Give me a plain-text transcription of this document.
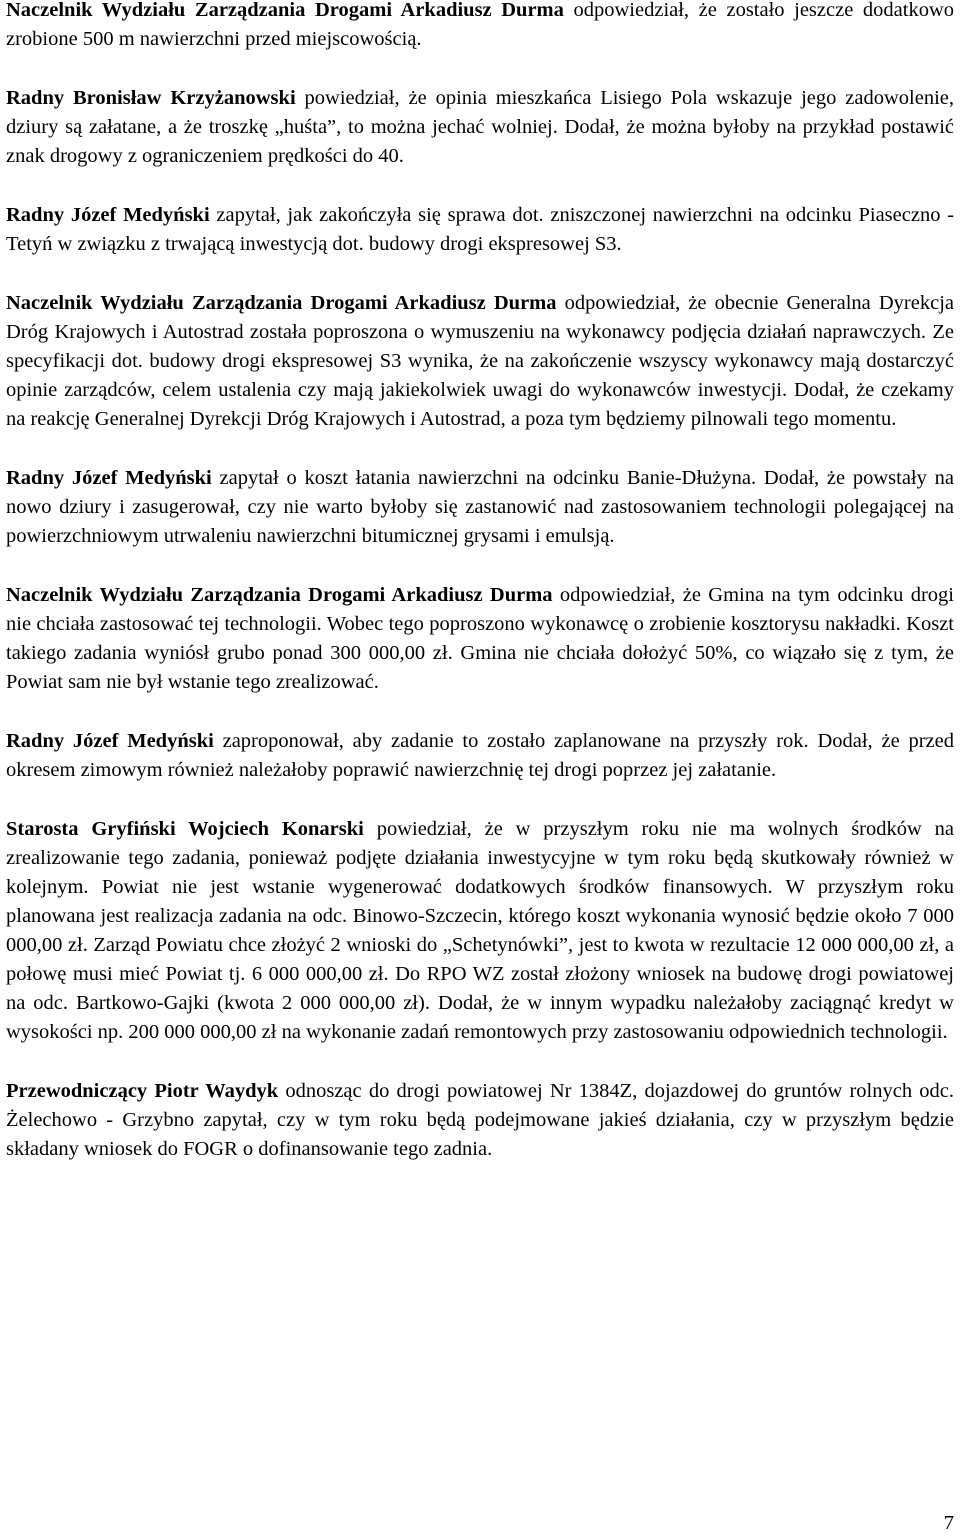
Naczelnik Wydziału Zarządzania Drogami Arkadiusz Durma odpowiedział, że zostało jeszcze dodatkowo zrobione 500 m nawierzchni przed miejscowością.

Radny Bronisław Krzyżanowski powiedział, że opinia mieszkańca Lisiego Pola wskazuje jego zadowolenie, dziury są załatane, a że troszkę „huśta”, to można jechać wolniej. Dodał, że można byłoby na przykład postawić znak drogowy z ograniczeniem prędkości do 40.

Radny Józef Medyński zapytał, jak zakończyła się sprawa dot. zniszczonej nawierzchni na odcinku Piaseczno - Tetyń w związku z trwającą inwestycją dot. budowy drogi ekspresowej S3.

Naczelnik Wydziału Zarządzania Drogami Arkadiusz Durma odpowiedział, że obecnie Generalna Dyrekcja Dróg Krajowych i Autostrad została poproszona o wymuszeniu na wykonawcy podjęcia działań naprawczych. Ze specyfikacji dot. budowy drogi ekspresowej S3 wynika, że na zakończenie wszyscy wykonawcy mają dostarczyć opinie zarządców, celem ustalenia czy mają jakiekolwiek uwagi do wykonawców inwestycji. Dodał, że czekamy na reakcję Generalnej Dyrekcji Dróg Krajowych i Autostrad, a poza tym będziemy pilnowali tego momentu.

Radny Józef Medyński zapytał o koszt łatania nawierzchni na odcinku Banie-Dłużyna. Dodał, że powstały na nowo dziury i zasugerował, czy nie warto byłoby się zastanowić nad zastosowaniem technologii polegającej na powierzchniowym utrwaleniu nawierzchni bitumicznej grysami i emulsją.

Naczelnik Wydziału Zarządzania Drogami Arkadiusz Durma odpowiedział, że Gmina na tym odcinku drogi nie chciała zastosować tej technologii. Wobec tego poproszono wykonawcę o zrobienie kosztorysu nakładki. Koszt takiego zadania wyniósł grubo ponad 300 000,00 zł. Gmina nie chciała dołożyć 50%, co wiązało się z tym, że Powiat sam nie był wstanie tego zrealizować.

Radny Józef Medyński zaproponował, aby zadanie to zostało zaplanowane na przyszły rok. Dodał, że przed okresem zimowym również należałoby poprawić nawierzchnię tej drogi poprzez jej załatanie.

Starosta Gryfiński Wojciech Konarski powiedział, że w przyszłym roku nie ma wolnych środków na zrealizowanie tego zadania, ponieważ podjęte działania inwestycyjne w tym roku będą skutkowały również w kolejnym. Powiat nie jest wstanie wygenerować dodatkowych środków finansowych. W przyszłym roku planowana jest realizacja zadania na odc. Binowo-Szczecin, którego koszt wykonania wynosić będzie około 7 000 000,00 zł. Zarząd Powiatu chce złożyć 2 wnioski do „Schetynówki”, jest to kwota w rezultacie 12 000 000,00 zł, a połowę musi mieć Powiat tj. 6 000 000,00 zł. Do RPO WZ został złożony wniosek na budowę drogi powiatowej na odc. Bartkowo-Gajki (kwota 2 000 000,00 zł). Dodał, że w innym wypadku należałoby zaciągnąć kredyt w wysokości np. 200 000 000,00 zł na wykonanie zadań remontowych przy zastosowaniu odpowiednich technologii.

Przewodniczący Piotr Waydyk odnosząc do drogi powiatowej Nr 1384Z, dojazdowej do gruntów rolnych odc. Żelechowo - Grzybno zapytał, czy w tym roku będą podejmowane jakieś działania, czy w przyszłym będzie składany wniosek do FOGR o dofinansowanie tego zadnia.

7
